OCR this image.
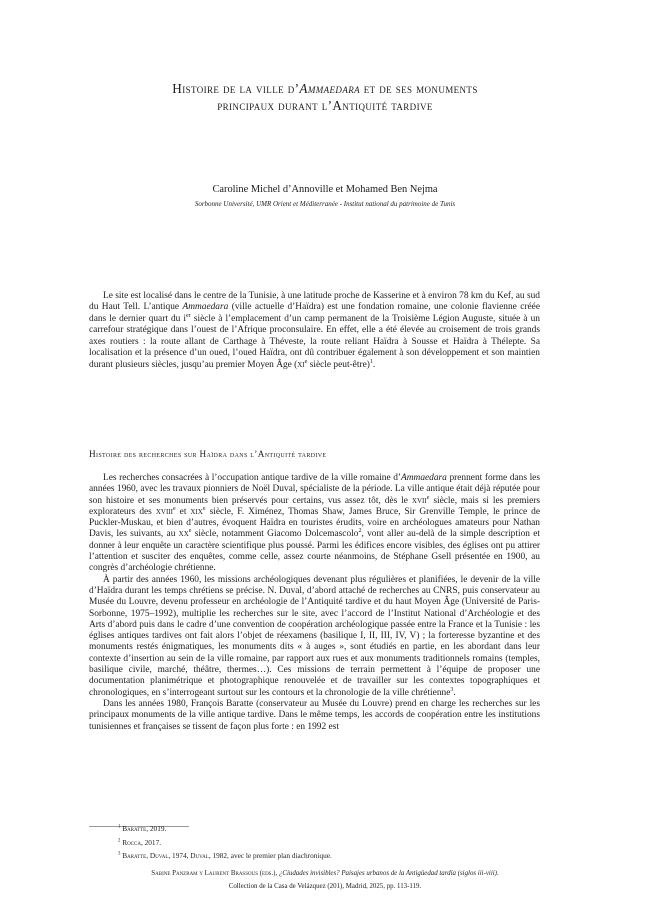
Histoire de la ville d’Ammaedara et de ses monuments
principaux durant l’Antiquité tardive
Caroline Michel d’Annoville et Mohamed Ben Nejma
Sorbonne Université, UMR Orient et Méditerranée - Institut national du patrimoine de Tunis

Le site est localisé dans le centre de la Tunisie, à une latitude proche de Kasserine et à environ 78 km du Kef, au sud du Haut Tell. L’antique Ammaedara (ville actuelle d’Haïdra) est une fondation romaine, une colonie flavienne créée dans le dernier quart du $i^{er}$ siècle à l’emplacement d’un camp permanent de la Troisième Légion Auguste, située à un carrefour stratégique dans l’ouest de l’Afrique proconsulaire. En effet, elle a été élevée au croisement de trois grands axes routiers : la route allant de Carthage à Théveste, la route reliant Haïdra à Sousse et Haïdra à Thélepte. Sa localisation et la présence d’un oued, l’oued Haïdra, ont dû contribuer également à son développement et son maintien durant plusieurs siècles, jusqu’au premier Moyen Âge ($xi^e$ siècle peut-être)$^1$.

Histoire des recherches sur Haïdra dans l’Antiquité tardive

Les recherches consacrées à l’occupation antique tardive de la ville romaine d’Ammaedara prennent forme dans les années 1960, avec les travaux pionniers de Noël Duval, spécialiste de la période. La ville antique était déjà réputée pour son histoire et ses monuments bien préservés pour certains, vus assez tôt, dès le xvii$^e$ siècle, mais si les premiers explorateurs des xviii$^e$ et xix$^e$ siècle, F. Ximénez, Thomas Shaw, James Bruce, Sir Grenville Temple, le prince de Puckler-Muskau, et bien d’autres, évoquent Haïdra en touristes érudits, voire en archéologues amateurs pour Nathan Davis, les suivants, au $xx^e$ siècle, notamment Giacomo Dolcemascolo$^2$, vont aller au-delà de la simple description et donner à leur enquête un caractère scientifique plus poussé. Parmi les édifices encore visibles, des églises ont pu attirer l’attention et susciter des enquêtes, comme celle, assez courte néanmoins, de Stéphane Gsell présentée en 1900, au congrès d’archéologie chrétienne.

À partir des années 1960, les missions archéologiques devenant plus régulières et planifiées, le devenir de la ville d’Haïdra durant les temps chrétiens se précise. N. Duval, d’abord attaché de recherches au CNRS, puis conservateur au Musée du Louvre, devenu professeur en archéologie de l’Antiquité tardive et du haut Moyen Âge (Université de Paris-Sorbonne, 1975–1992), multiplie les recherches sur le site, avec l’accord de l’Institut National d’Archéologie et des Arts d’abord puis dans le cadre d’une convention de coopération archéologique passée entre la France et la Tunisie : les églises antiques tardives ont fait alors l’objet de réexamens (basilique I, II, III, IV, V) ; la forteresse byzantine et des monuments restés énigmatiques, les monuments dits « à auges », sont étudiés en partie, en les abordant dans leur contexte d’insertion au sein de la ville romaine, par rapport aux rues et aux monuments traditionnels romains (temples, basilique civile, marché, théâtre, thermes…). Ces missions de terrain permettent à l’équipe de proposer une documentation planimétrique et photographique renouvelée et de travailler sur les contextes topographiques et chronologiques, en s’interrogeant surtout sur les contours et la chronologie de la ville chrétienne$^3$.

Dans les années 1980, François Baratte (conservateur au Musée du Louvre) prend en charge les recherches sur les principaux monuments de la ville antique tardive. Dans le même temps, les accords de coopération entre les institutions tunisiennes et françaises se tissent de façon plus forte : en 1992 est

$^1$ Baratte, 2019.
$^2$ Rocca, 2017.
$^3$ Baratte, Duval, 1974, Duval, 1982, avec le premier plan diachronique.
Sabine Panzram y Laurent Brassous (eds.), ¿Ciudades invisibles? Paisajes urbanos de la Antigüedad tardía (siglos iii-viii).
Collection de la Casa de Velázquez (201), Madrid, 2025, pp. 113-119.
